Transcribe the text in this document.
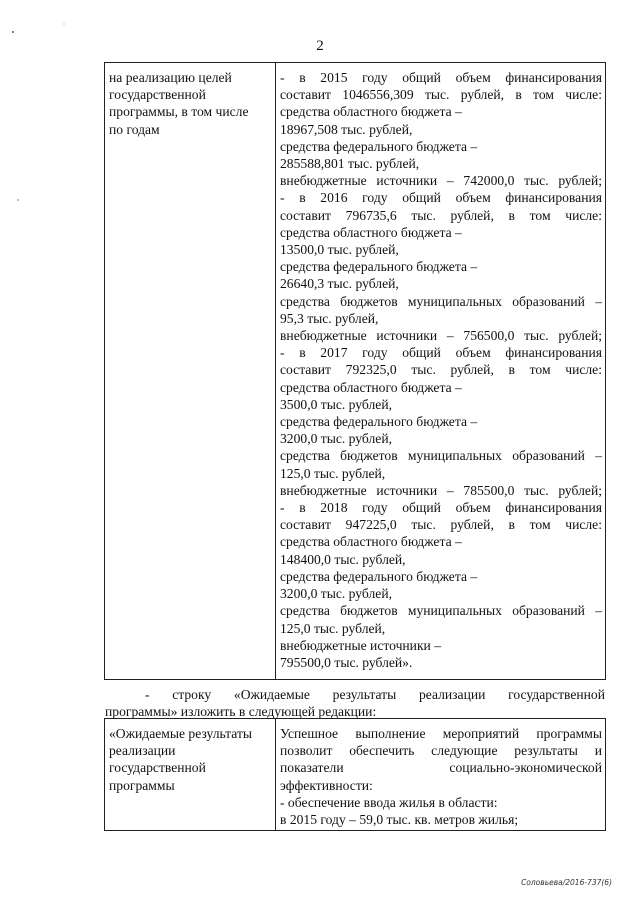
2
на реализацию целей
государственной
программы, в том числе
по годам
- в 2015 году общий объем финансирования
составит 1046556,309 тыс. рублей, в том числе:
средства областного бюджета –
18967,508 тыс. рублей,
средства федерального бюджета –
285588,801 тыс. рублей,
внебюджетные источники – 742000,0 тыс. рублей;
- в 2016 году общий объем финансирования
составит 796735,6 тыс. рублей, в том числе:
средства областного бюджета –
13500,0 тыс. рублей,
средства федерального бюджета –
26640,3 тыс. рублей,
средства бюджетов муниципальных образований –
95,3 тыс. рублей,
внебюджетные источники – 756500,0 тыс. рублей;
- в 2017 году общий объем финансирования
составит 792325,0 тыс. рублей, в том числе:
средства областного бюджета –
3500,0 тыс. рублей,
средства федерального бюджета –
3200,0 тыс. рублей,
средства бюджетов муниципальных образований –
125,0 тыс. рублей,
внебюджетные источники – 785500,0 тыс. рублей;
- в 2018 году общий объем финансирования
составит 947225,0 тыс. рублей, в том числе:
средства областного бюджета –
148400,0 тыс. рублей,
средства федерального бюджета –
3200,0 тыс. рублей,
средства бюджетов муниципальных образований –
125,0 тыс. рублей,
внебюджетные источники –
795500,0 тыс. рублей».
- строку «Ожидаемые результаты реализации государственной
программы» изложить в следующей редакции:
«Ожидаемые результаты
реализации
государственной
программы
Успешное выполнение мероприятий программы
позволит обеспечить следующие результаты и
показатели социально-экономической
эффективности:
- обеспечение ввода жилья в области:
в 2015 году – 59,0 тыс. кв. метров жилья;
Соловьева/2016-737(6)
